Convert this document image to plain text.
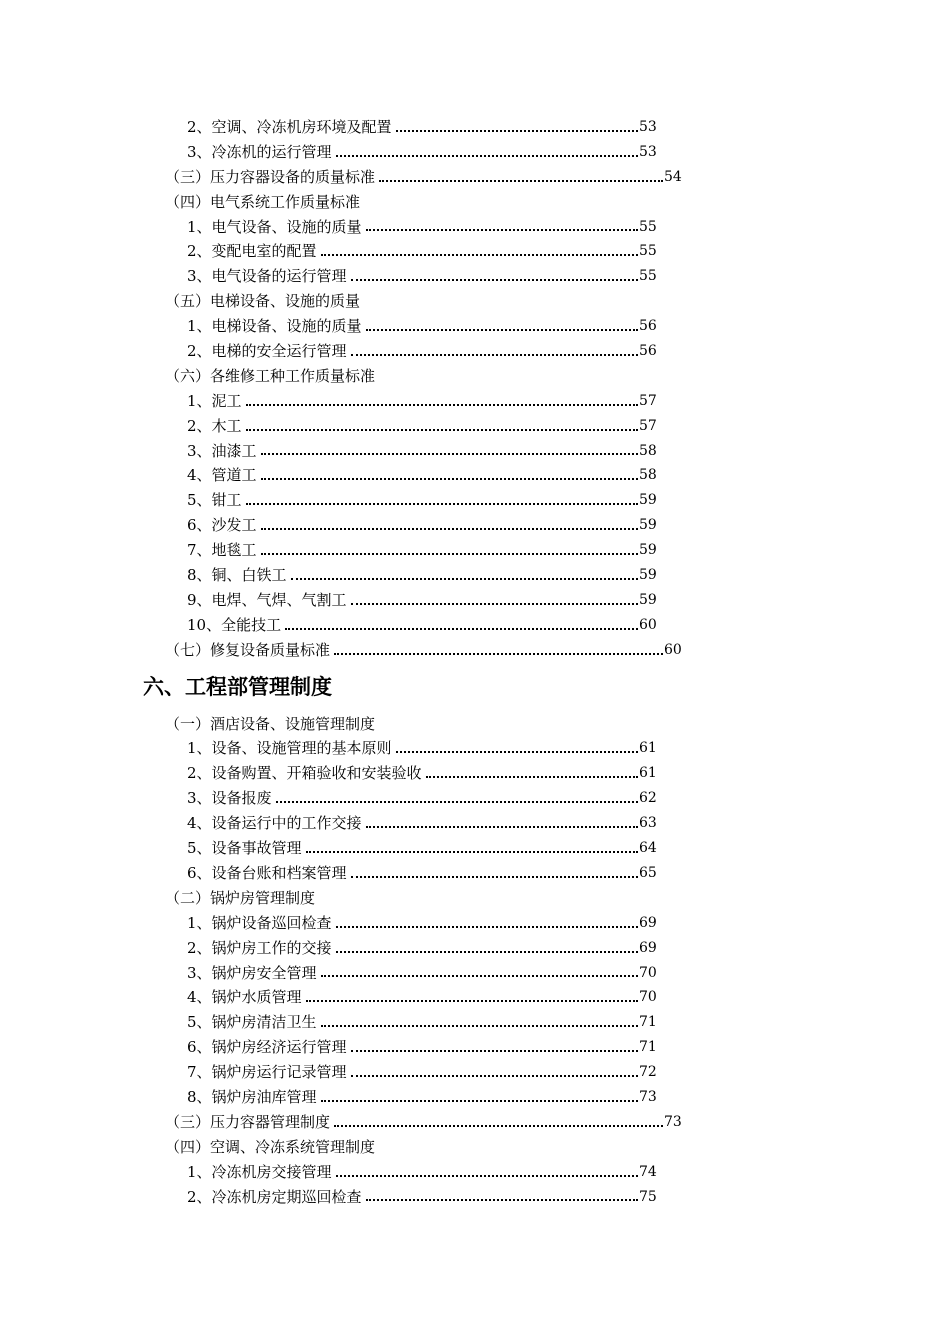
2、空调、冷冻机房环境及配置	53
3、冷冻机的运行管理	53
（三）压力容器设备的质量标准	54
（四）电气系统工作质量标准
1、电气设备、设施的质量	55
2、变配电室的配置	55
3、电气设备的运行管理	55
（五）电梯设备、设施的质量
1、电梯设备、设施的质量	56
2、电梯的安全运行管理	56
（六）各维修工种工作质量标准
1、泥工	57
2、木工	57
3、油漆工	58
4、管道工	58
5、钳工	59
6、沙发工	59
7、地毯工	59
8、铜、白铁工	59
9、电焊、气焊、气割工	59
10、全能技工	60
（七）修复设备质量标准	60
六、工程部管理制度
（一）酒店设备、设施管理制度
1、设备、设施管理的基本原则	61
2、设备购置、开箱验收和安装验收	61
3、设备报废	62
4、设备运行中的工作交接	63
5、设备事故管理	64
6、设备台账和档案管理	65
（二）锅炉房管理制度
1、锅炉设备巡回检查	69
2、锅炉房工作的交接	69
3、锅炉房安全管理	70
4、锅炉水质管理	70
5、锅炉房清洁卫生	71
6、锅炉房经济运行管理	71
7、锅炉房运行记录管理	72
8、锅炉房油库管理	73
（三）压力容器管理制度	73
（四）空调、冷冻系统管理制度
1、冷冻机房交接管理	74
2、冷冻机房定期巡回检查	75
